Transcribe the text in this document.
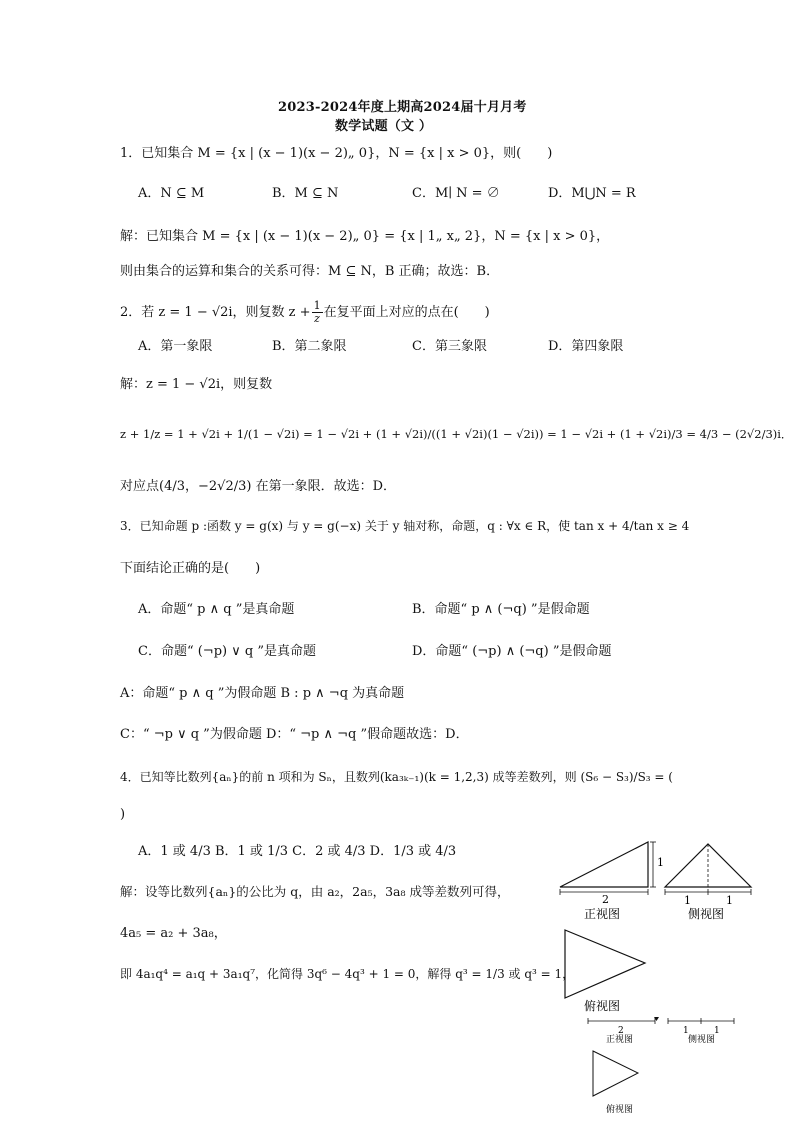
2023-2024年度上期高2024届十月月考
数学试题（文 ）
1．已知集合 M = {x | (x − 1)(x − 2)„ 0}，N = {x | x > 0}，则(　　)
A．N ⊆ M	B．M ⊆ N	C．M∣ N = ∅	D．M⋃N = R
解：已知集合 M = {x | (x − 1)(x − 2)„ 0} = {x | 1„ x„ 2}，N = {x | x > 0}，
则由集合的运算和集合的关系可得：M ⊆ N，B 正确；故选：B．
2．若 z = 1 − √2i，则复数 $z + \frac{1}{z}$ 在复平面上对应的点在(　　)
A．第一象限	B．第二象限	C．第三象限	D．第四象限
解：z = 1 − √2i，则复数
z + 1/z = 1 + √2i + 1/(1 − √2i) = 1 − √2i + (1 + √2i)/((1 + √2i)(1 − √2i)) = 1 − √2i + (1 + √2i)/3 = 4/3 − (2√2/3)i．
对应点(4/3，−2√2/3) 在第一象限．故选：D．
3．已知命题 p :函数 y = g(x) 与 y = g(−x) 关于 y 轴对称，命题，q : ∀x ∈ R，使 tan x + 4/tan x ≥ 4
下面结论正确的是(　　)
A．命题“ p ∧ q ”是真命题	B．命题“ p ∧ (¬q) ”是假命题
C．命题“ (¬p) ∨ q ”是真命题	D．命题“ (¬p) ∧ (¬q) ”是假命题
A：命题“ p ∧ q ”为假命题 B : p ∧ ¬q 为真命题
C：“ ¬p ∨ q ”为假命题 D：“ ¬p ∧ ¬q ”假命题故选：D．
4．已知等比数列{aₙ}的前 n 项和为 Sₙ，且数列(ka₃ₖ₋₁)(k = 1,2,3) 成等差数列，则 (S₆ − S₃)/S₃ = (
)
A．1 或 4/3 B．1 或 1/3 C．2 或 4/3 D．1/3 或 4/3
解：设等比数列{aₙ}的公比为 q，由 a₂，2a₅，3a₈ 成等差数列可得，
4a₅ = a₂ + 3a₈，
即 4a₁q⁴ = a₁q + 3a₁q⁷，化简得 3q⁶ − 4q³ + 1 = 0，解得 q³ = 1/3 或 q³ = 1，
2
1
正视图
1	1
侧视图
俯视图
2
正视图
1	1
侧视图
俯视图
